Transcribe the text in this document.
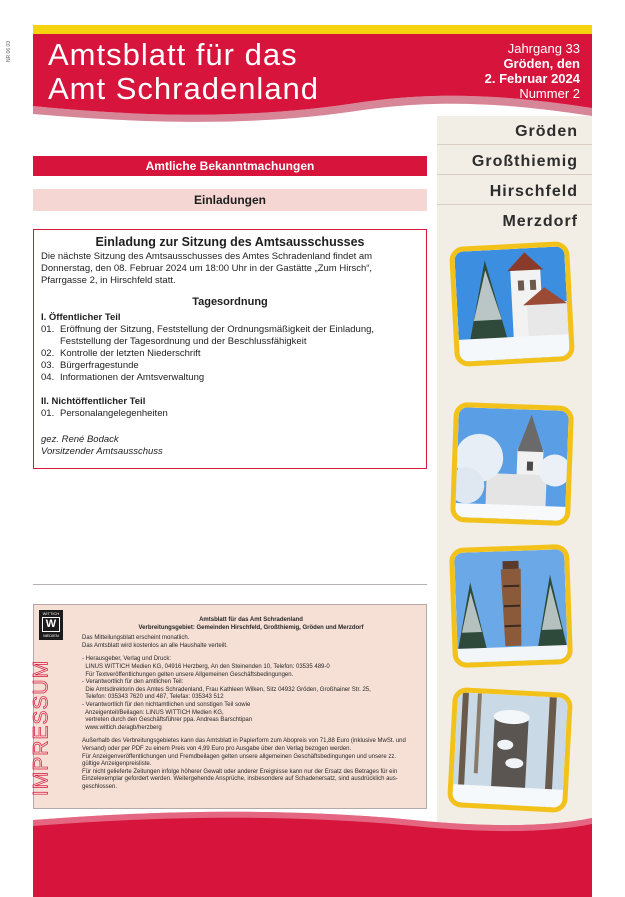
NR 06 03 Amtsblatt für das
Amt Schradenland
Jahrgang 33
Gröden, den
2. Februar 2024
Nummer 2
Gröden
Großthiemig
Hirschfeld
Merzdorf
Amtliche Bekanntmachungen
Einladungen
Einladung zur Sitzung des Amtsausschusses

Die nächste Sitzung des Amtsausschusses des Amtes Schradenland findet am Donnerstag, den 08. Februar 2024 um 18:00 Uhr in der Gastätte „Zum Hirsch“, Pfarrgasse 2, in Hirschfeld statt.

Tagesordnung
I. Öffentlicher Teil
01. Eröffnung der Sitzung, Feststellung der Ordnungsmäßigkeit der Einladung, Feststellung der Tagesordnung und der Beschlussfähigkeit
02. Kontrolle der letzten Niederschrift
03. Bürgerfragestunde
04. Informationen der Amtsverwaltung
II. Nichtöffentlicher Teil
01. Personalangelegenheiten
gez. René Bodack
Vorsitzender Amtsausschuss
WITTICH
W
MEDIEN
IMPRESSUM
Amtsblatt für das Amt Schradenland
Verbreitungsgebiet: Gemeinden Hirschfeld, Großthiemig, Gröden und Merzdorf
Das Mitteilungsblatt erscheint monatlich.
Das Amtsblatt wird kostenlos an alle Haushalte verteilt.
- Herausgeber, Verlag und Druck:
LINUS WITTICH Medien KG, 04916 Herzberg, An den Steinenden 10, Telefon: 03535 489-0
Für Textveröffentlichungen gelten unsere Allgemeinen Geschäftsbedingungen.
- Verantwortlich für den amtlichen Teil:
Die Amtsdirektorin des Amtes Schradenland, Frau Kathleen Wilken, Sitz 04932 Gröden, Großhainer Str. 25,
Telefon: 035343 7620 und 487, Telefax: 035343 512
- Verantwortlich für den nichtamtlichen und sonstigen Teil sowie
Anzeigenteil/Beilagen: LINUS WITTICH Medien KG,
vertreten durch den Geschäftsführer ppa. Andreas Barschtipan
www.wittich.de/agb/herzberg
Außerhalb des Verbreitungsgebietes kann das Amtsblatt in Papierform zum Abopreis von 71,88 Euro (inklusive MwSt. und
Versand) oder per PDF zu einem Preis von 4,99 Euro pro Ausgabe über den Verlag bezogen werden.
Für Anzeigenveröffentlichungen und Fremdbeilagen gelten unsere allgemeinen Geschäftsbedingungen und unsere zz.
gültige Anzeigenpreisliste.
Für nicht gelieferte Zeitungen infolge höherer Gewalt oder anderer Ereignisse kann nur der Ersatz des Betrages für ein
Einzelexemplar gefordert werden. Weitergehende Ansprüche, insbesondere auf Schadenersatz, sind ausdrücklich aus-
geschlossen.
